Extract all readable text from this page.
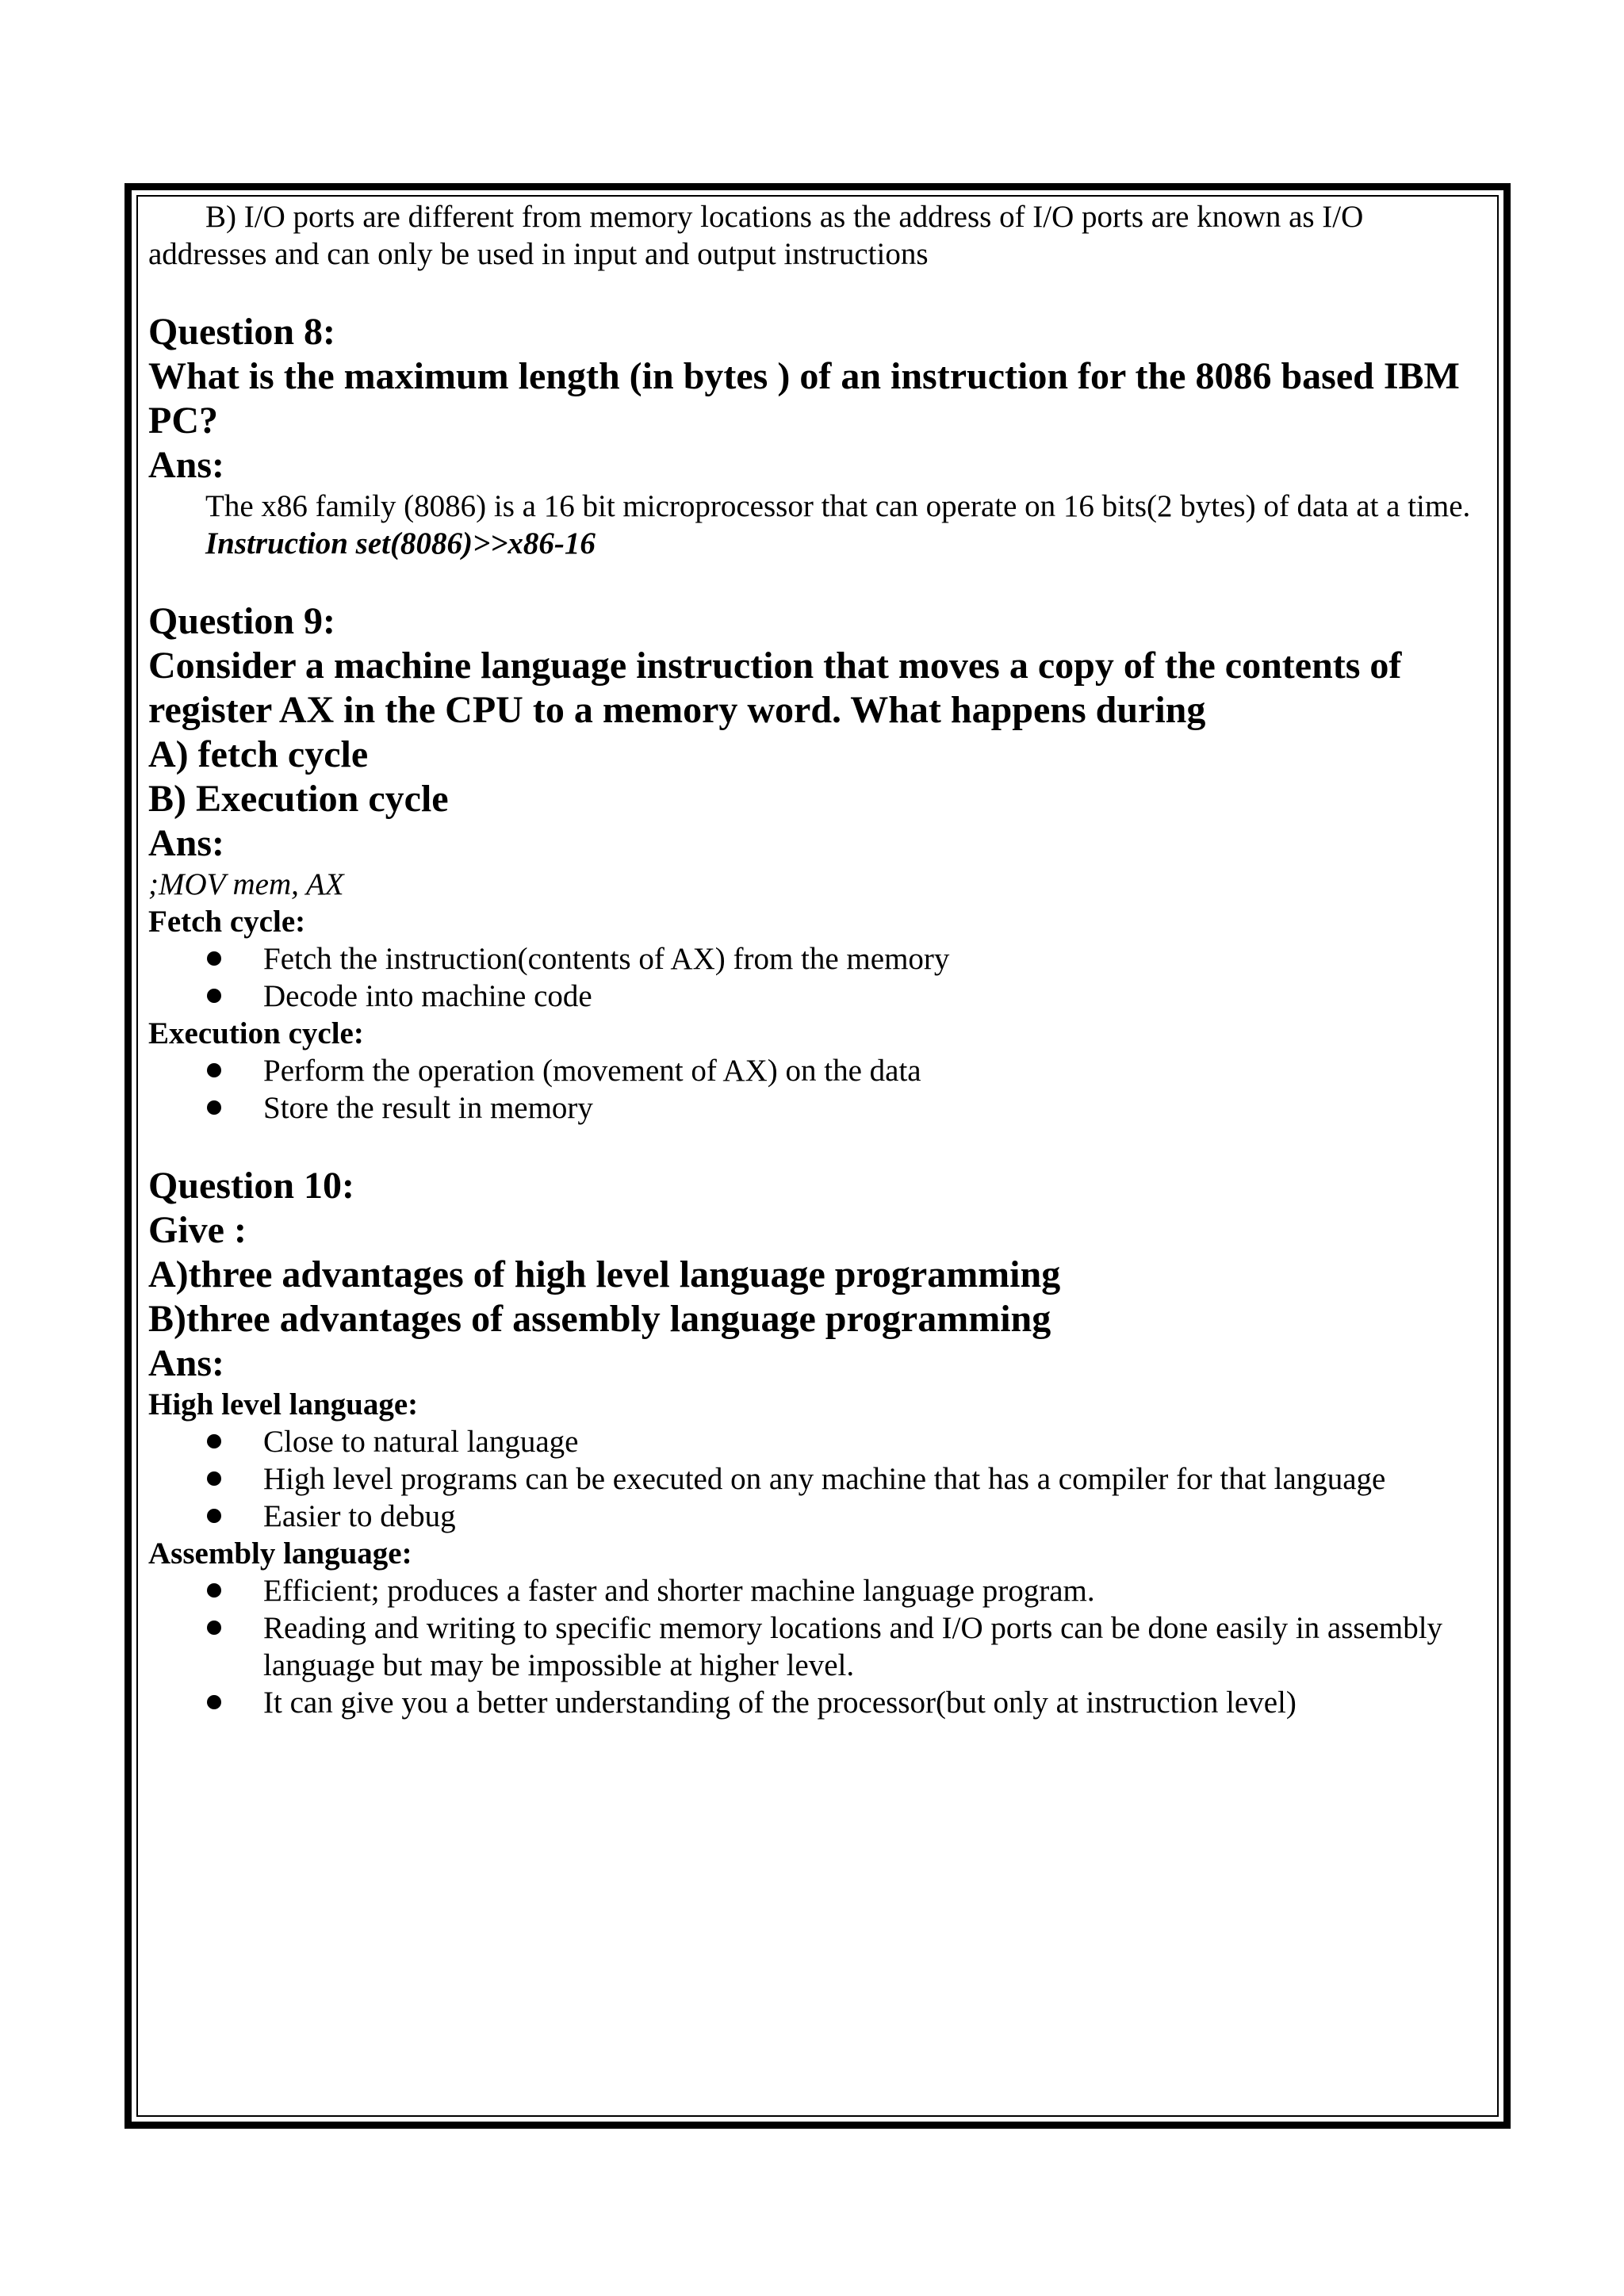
B) I/O ports are different from memory locations as the address of I/O ports are known as I/O addresses and can only be used in input and output instructions

Question 8:

What is the maximum length (in bytes ) of an instruction for the 8086 based IBM PC?

Ans:

The x86 family (8086) is a 16 bit microprocessor that can operate on 16 bits(2 bytes) of data at a time.

Instruction set(8086)>>x86-16

Question 9:

Consider a machine language instruction that moves a copy of the contents of register AX in the CPU to a memory word. What happens during

A) fetch cycle

B) Execution cycle

Ans:

;MOV mem, AX

Fetch cycle:

Fetch the instruction(contents of AX) from the memory
Decode into machine code

Execution cycle:

Perform the operation (movement of AX) on the data
Store the result in memory

Question 10:

Give :

A)three advantages of high level language programming

B)three advantages of assembly language programming

Ans:

High level language:

Close to natural language
High level programs can be executed on any machine that has a compiler for that language
Easier to debug

Assembly language:

Efficient; produces a faster and shorter machine language program.
Reading and writing to specific memory locations and I/O ports can be done easily in assembly language but may be impossible at higher level.
It can give you a better understanding of the processor(but only at instruction level)
